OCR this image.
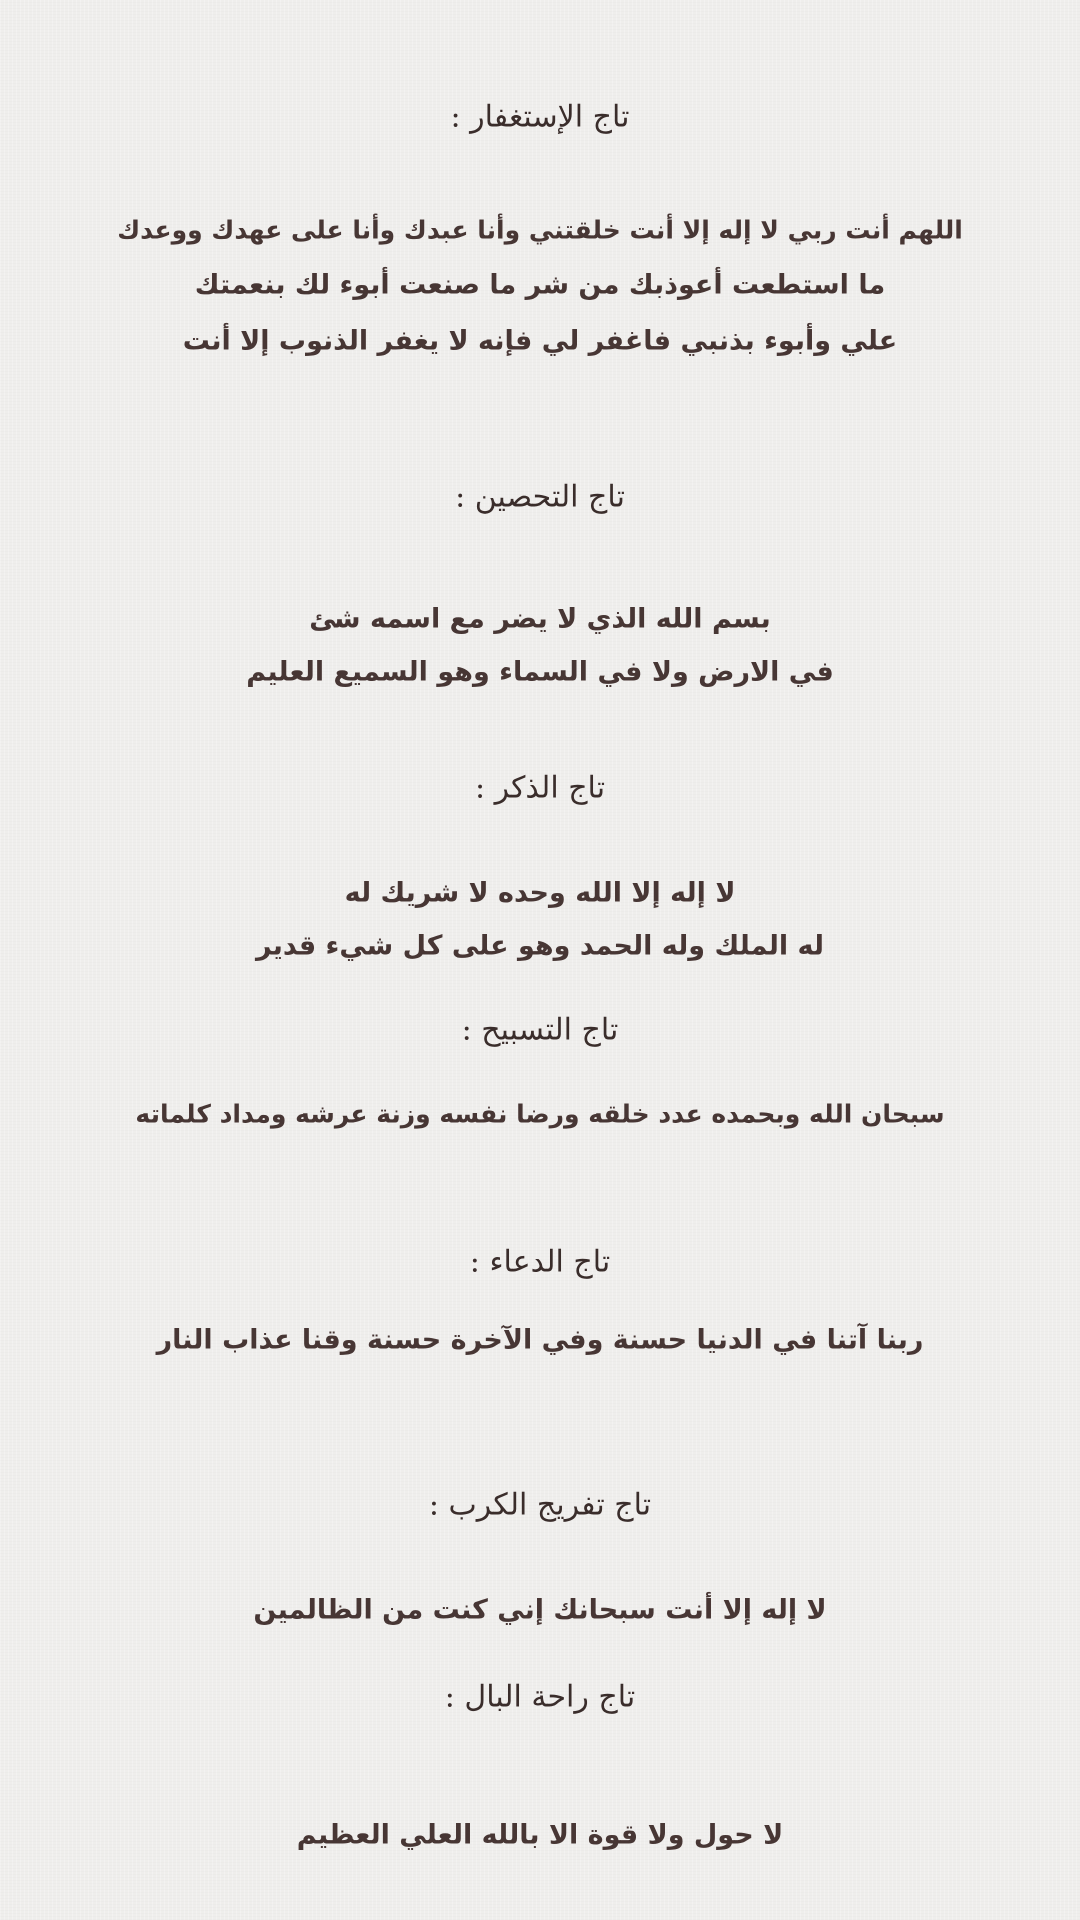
تاج الإستغفار :
اللهم أنت ربي لا إله إلا أنت خلقتني وأنا عبدك وأنا على عهدك ووعدك
ما استطعت أعوذبك من شر ما صنعت أبوء لك بنعمتك
علي وأبوء بذنبي فاغفر لي فإنه لا يغفر الذنوب إلا أنت
تاج التحصين :
بسم الله الذي لا يضر مع اسمه شئ
في الارض ولا في السماء وهو السميع العليم
تاج الذكر :
لا إله إلا الله وحده لا شريك له
له الملك وله الحمد وهو على كل شيء قدير
تاج التسبيح :
سبحان الله وبحمده عدد خلقه ورضا نفسه وزنة عرشه ومداد كلماته
تاج الدعاء :
ربنا آتنا في الدنيا حسنة وفي الآخرة حسنة وقنا عذاب النار
تاج تفريج الكرب :
لا إله إلا أنت سبحانك إني كنت من الظالمين
تاج راحة البال :
لا حول ولا قوة الا بالله العلي العظيم
